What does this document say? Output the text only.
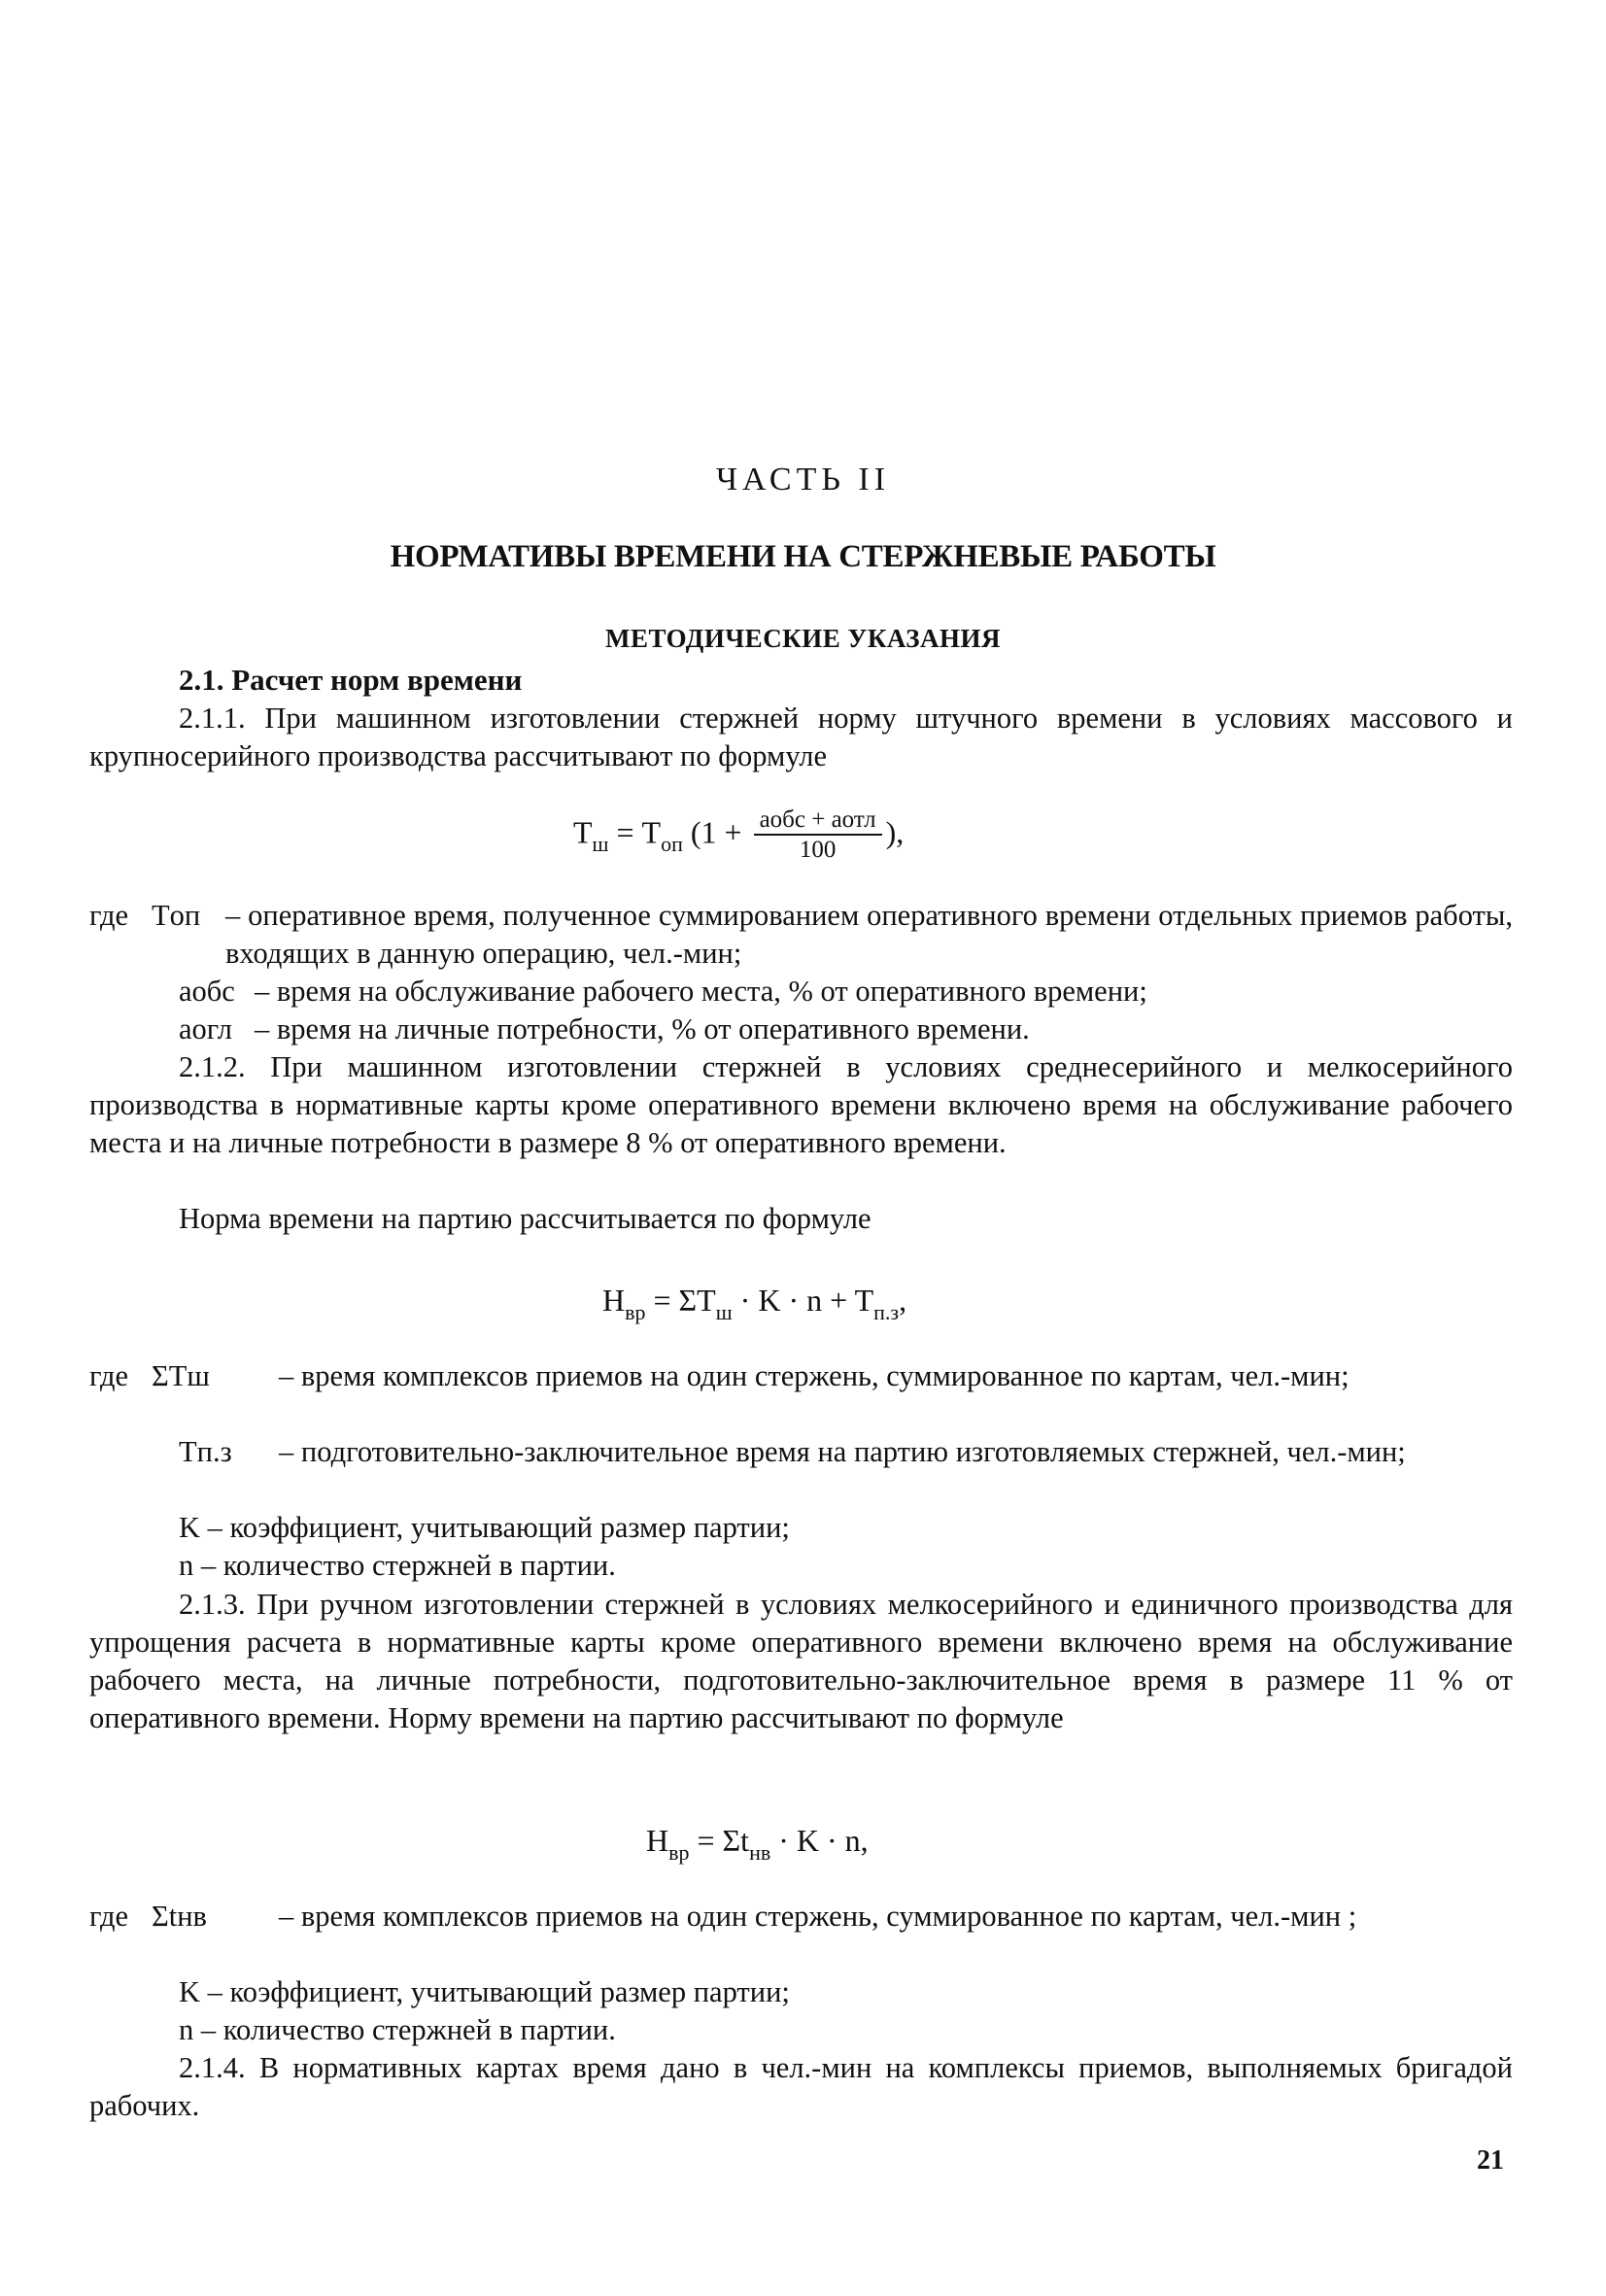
ЧАСТЬ II
НОРМАТИВЫ ВРЕМЕНИ НА СТЕРЖНЕВЫЕ РАБОТЫ
МЕТОДИЧЕСКИЕ УКАЗАНИЯ
2.1. Расчет норм времени

2.1.1. При машинном изготовлении стержней норму штучного времени в условиях массового и крупносерийного производства рассчитывают по формуле

$T_ш = T_{оп}$ ($1 + \frac{\text{aобс + aотл}}{100}$ ),
где Tоп – оперативное время, полученное суммированием оперативного времени отдельных приемов работы, входящих в данную операцию, чел.-мин;

aобс – время на обслуживание рабочего места, % от оперативного времени;
aогл – время на личные потребности, % от оперативного времени.

2.1.2. При машинном изготовлении стержней в условиях среднесерийного и мелкосерийного производства в нормативные карты кроме оперативного времени включено время на обслуживание рабочего места и на личные потребности в размере 8 % от оперативного времени.

Норма времени на партию рассчитывается по формуле

$H_{вр} = \Sigma T_ш \cdot K \cdot n + T_{п.з}$,
где ΣTш – время комплексов приемов на один стержень, суммированное по картам, чел.-мин;

Tп.з – подготовительно-заключительное время на партию изготовляемых стержней, чел.-мин;

K – коэффициент, учитывающий размер партии;
n – количество стержней в партии.

2.1.3. При ручном изготовлении стержней в условиях мелкосерийного и единичного производства для упрощения расчета в нормативные карты кроме оперативного времени включено время на обслуживание рабочего места, на личные потребности, подготовительно-заключительное время в размере 11 % от оперативного времени. Норму времени на партию рассчитывают по формуле

$H_{вр} = \Sigma t_{нв} \cdot K \cdot n$,
где Σtнв – время комплексов приемов на один стержень, суммированное по картам, чел.-мин ;

K – коэффициент, учитывающий размер партии;
n – количество стержней в партии.

2.1.4. В нормативных картах время дано в чел.-мин на комплексы приемов, выполняемых бригадой рабочих.

21
